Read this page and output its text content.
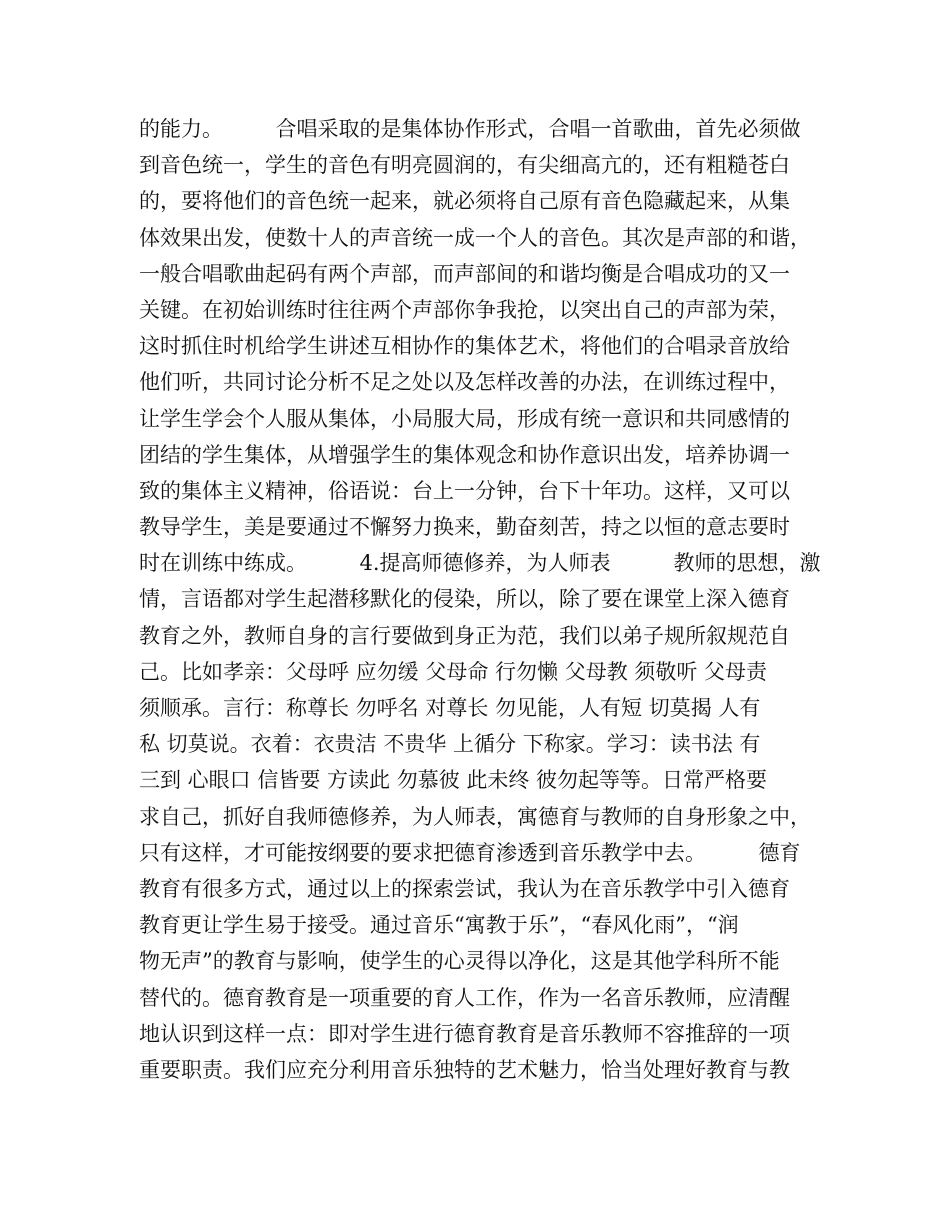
的能力。　　　合唱采取的是集体协作形式，合唱一首歌曲，首先必须做
到音色统一，学生的音色有明亮圆润的，有尖细高亢的，还有粗糙苍白
的，要将他们的音色统一起来，就必须将自己原有音色隐藏起来，从集
体效果出发，使数十人的声音统一成一个人的音色。其次是声部的和谐，
一般合唱歌曲起码有两个声部，而声部间的和谐均衡是合唱成功的又一
关键。在初始训练时往往两个声部你争我抢，以突出自己的声部为荣，
这时抓住时机给学生讲述互相协作的集体艺术，将他们的合唱录音放给
他们听，共同讨论分析不足之处以及怎样改善的办法，在训练过程中，
让学生学会个人服从集体，小局服大局，形成有统一意识和共同感情的
团结的学生集体，从增强学生的集体观念和协作意识出发，培养协调一
致的集体主义精神，俗语说：台上一分钟，台下十年功。这样，又可以
教导学生，美是要通过不懈努力换来，勤奋刻苦，持之以恒的意志要时
时在训练中练成。　　　4.提高师德修养，为人师表　　　教师的思想，激
情，言语都对学生起潜移默化的侵染，所以，除了要在课堂上深入德育
教育之外，教师自身的言行要做到身正为范，我们以弟子规所叙规范自
己。比如孝亲：父母呼 应勿缓 父母命 行勿懒 父母教 须敬听 父母责
须顺承。言行：称尊长 勿呼名 对尊长 勿见能，人有短 切莫揭 人有
私 切莫说。衣着：衣贵洁 不贵华 上循分 下称家。学习：读书法 有
三到 心眼口 信皆要 方读此 勿慕彼 此未终 彼勿起等等。日常严格要
求自己，抓好自我师德修养，为人师表，寓德育与教师的自身形象之中，
只有这样，才可能按纲要的要求把德育渗透到音乐教学中去。　　　德育
教育有很多方式，通过以上的探索尝试，我认为在音乐教学中引入德育
教育更让学生易于接受。通过音乐“寓教于乐”，“春风化雨”，“润
物无声”的教育与影响，使学生的心灵得以净化，这是其他学科所不能
替代的。德育教育是一项重要的育人工作，作为一名音乐教师，应清醒
地认识到这样一点：即对学生进行德育教育是音乐教师不容推辞的一项
重要职责。我们应充分利用音乐独特的艺术魅力，恰当处理好教育与教
